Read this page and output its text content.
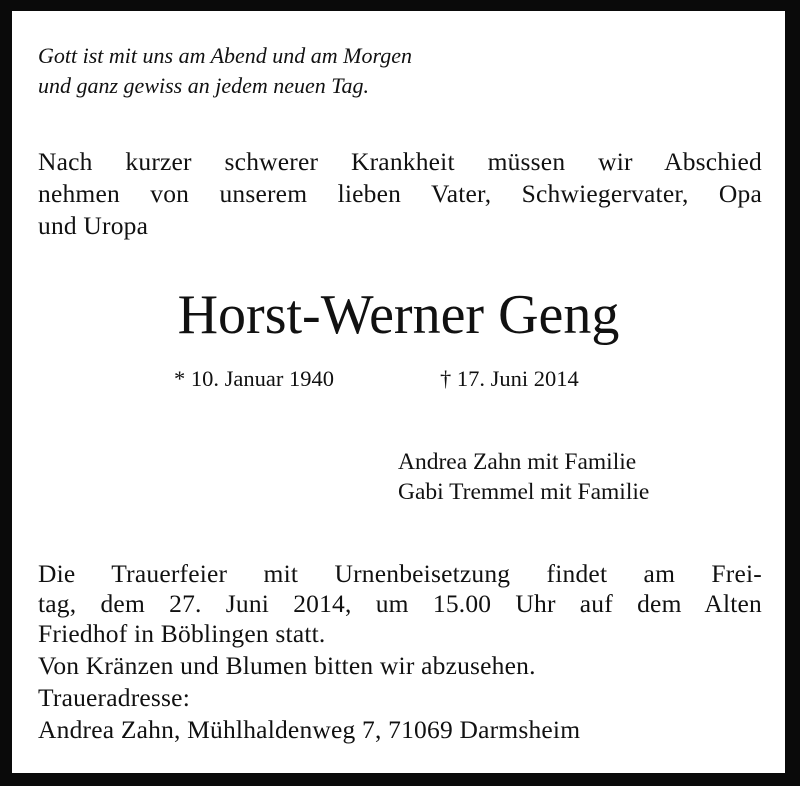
Gott ist mit uns am Abend und am Morgen
und ganz gewiss an jedem neuen Tag.
Nach kurzer schwerer Krankheit müssen wir Abschied
nehmen von unserem lieben Vater, Schwiegervater, Opa
und Uropa
Horst-Werner Geng
* 10. Januar 1940	† 17. Juni 2014
Andrea Zahn mit Familie
Gabi Tremmel mit Familie
Die Trauerfeier mit Urnenbeisetzung findet am Frei-
tag, dem 27. Juni 2014, um 15.00 Uhr auf dem Alten
Friedhof in Böblingen statt.
Von Kränzen und Blumen bitten wir abzusehen.
Traueradresse:
Andrea Zahn, Mühlhaldenweg 7, 71069 Darmsheim
